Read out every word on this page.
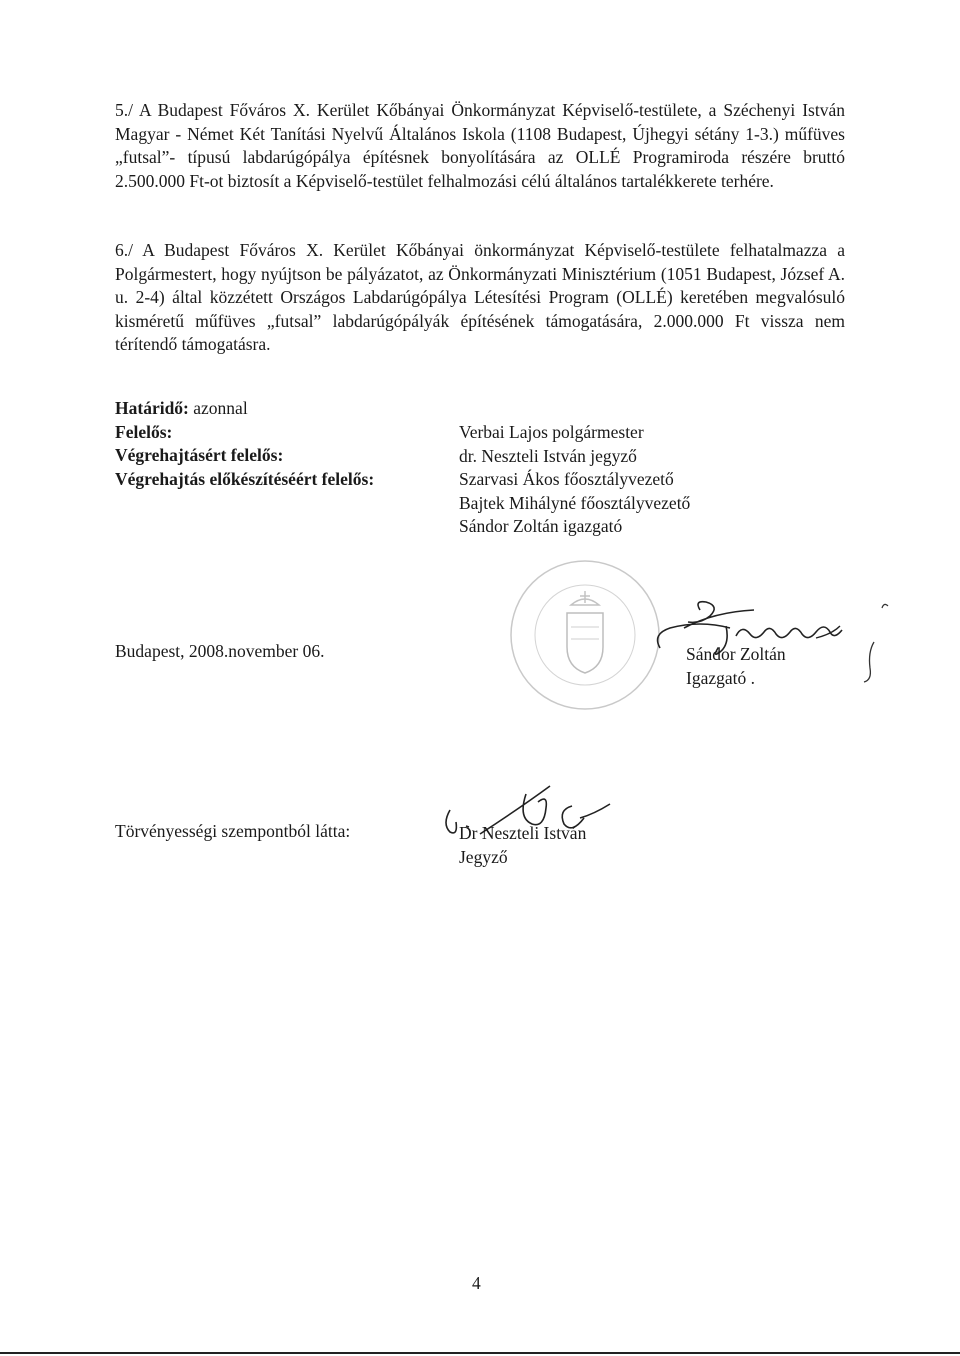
5./ A Budapest Főváros X. Kerület Kőbányai Önkormányzat Képviselő-testülete, a Széchenyi István Magyar - Német Két Tanítási Nyelvű Általános Iskola (1108 Budapest, Újhegyi sétány 1-3.) műfüves „futsal”- típusú labdarúgópálya építésnek bonyolítására az OLLÉ Programiroda részére bruttó 2.500.000 Ft-ot biztosít a Képviselő-testület felhalmozási célú általános tartalékkerete terhére.
6./ A Budapest Főváros X. Kerület Kőbányai önkormányzat Képviselő-testülete felhatalmazza a Polgármestert, hogy nyújtson be pályázatot, az Önkormányzati Minisztérium (1051 Budapest, József A. u. 2-4) által közzétett Országos Labdarúgópálya Létesítési Program (OLLÉ) keretében megvalósuló kisméretű műfüves „futsal” labdarúgópályák építésének támogatására, 2.000.000 Ft vissza nem térítendő támogatásra.
Határidő: azonnal
Felelős:
Végrehajtásért felelős:
Végrehajtás előkészítéséért felelős:
Verbai Lajos polgármester
dr. Neszteli István jegyző
Szarvasi Ákos főosztályvezető
Bajtek Mihályné főosztályvezető
Sándor Zoltán igazgató
Budapest, 2008.november 06.	Sándor Zoltán
Igazgató .
Törvényességi szempontból látta:	Dr Neszteli István
Jegyző
4
